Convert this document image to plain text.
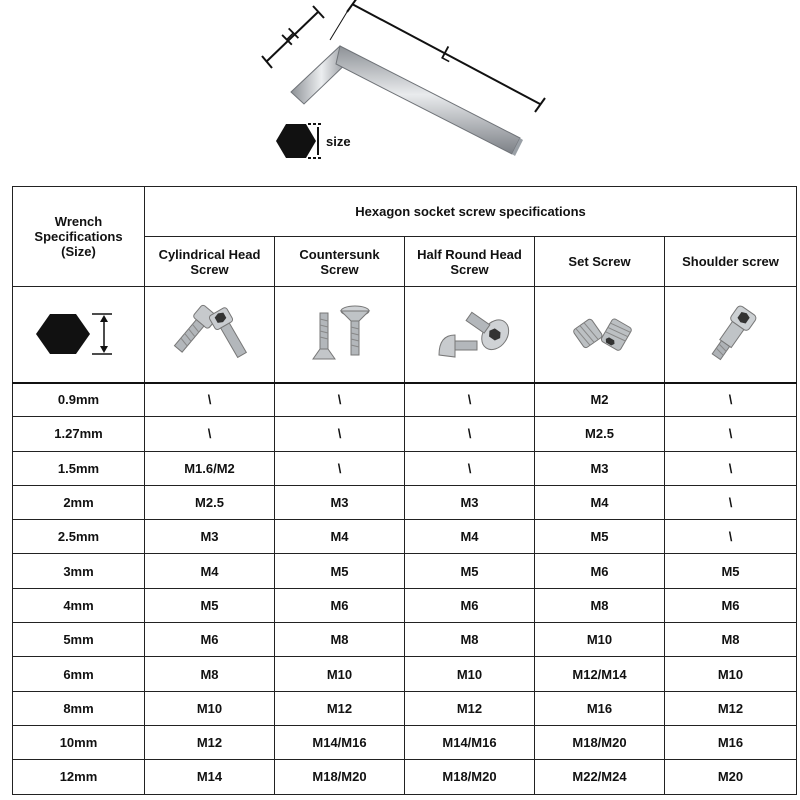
H
L
size
Wrench
Specifications
(Size)	Hexagon socket screw specifications				
	Cylindrical Head Screw	Countersunk Screw	Half Round Head Screw	Set Screw	Shoulder screw

0.9mm	\	\	\	M2	\
1.27mm	\	\	\	M2.5	\
1.5mm	M1.6/M2	\	\	M3	\
2mm	M2.5	M3	M3	M4	\
2.5mm	M3	M4	M4	M5	\
3mm	M4	M5	M5	M6	M5
4mm	M5	M6	M6	M8	M6
5mm	M6	M8	M8	M10	M8
6mm	M8	M10	M10	M12/M14	M10
8mm	M10	M12	M12	M16	M12
10mm	M12	M14/M16	M14/M16	M18/M20	M16
12mm	M14	M18/M20	M18/M20	M22/M24	M20
